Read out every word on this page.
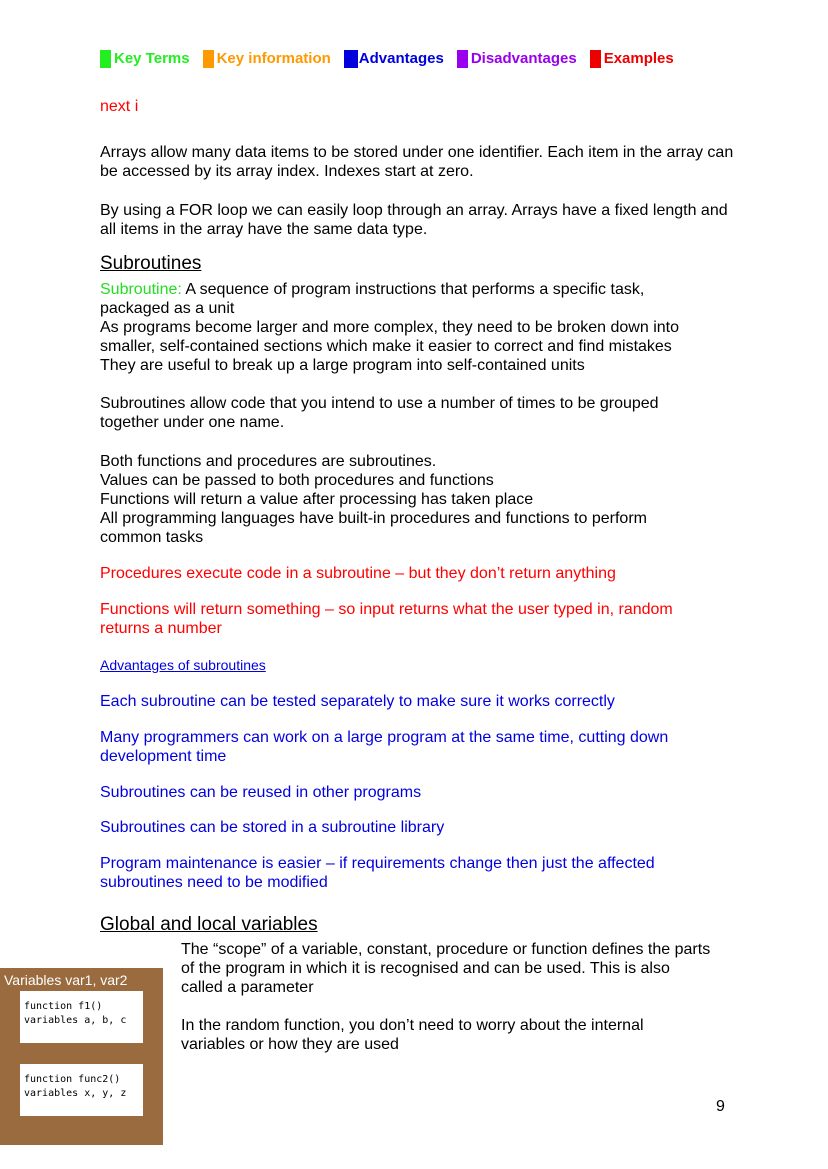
Key Terms Key information Advantages Disadvantages Examples

next i

Arrays allow many data items to be stored under one identifier. Each item in the array can be accessed by its array index. Indexes start at zero.

By using a FOR loop we can easily loop through an array. Arrays have a fixed length and all items in the array have the same data type.

Subroutines

Subroutine: A sequence of program instructions that performs a specific task, packaged as a unit

As programs become larger and more complex, they need to be broken down into smaller, self-contained sections which make it easier to correct and find mistakes

They are useful to break up a large program into self-contained units

Subroutines allow code that you intend to use a number of times to be grouped together under one name.

Both functions and procedures are subroutines.

Values can be passed to both procedures and functions

Functions will return a value after processing has taken place

All programming languages have built-in procedures and functions to perform common tasks

Procedures execute code in a subroutine – but they don’t return anything

Functions will return something – so input returns what the user typed in, random returns a number

Advantages of subroutines

Each subroutine can be tested separately to make sure it works correctly

Many programmers can work on a large program at the same time, cutting down development time

Subroutines can be reused in other programs

Subroutines can be stored in a subroutine library

Program maintenance is easier – if requirements change then just the affected subroutines need to be modified

Global and local variables

The “scope” of a variable, constant, procedure or function defines the parts of the program in which it is recognised and can be used. This is also called a parameter

In the random function, you don’t need to worry about the internal variables or how they are used

Variables var1, var2
function f1()
variables a, b, c
function func2()
variables x, y, z
9
